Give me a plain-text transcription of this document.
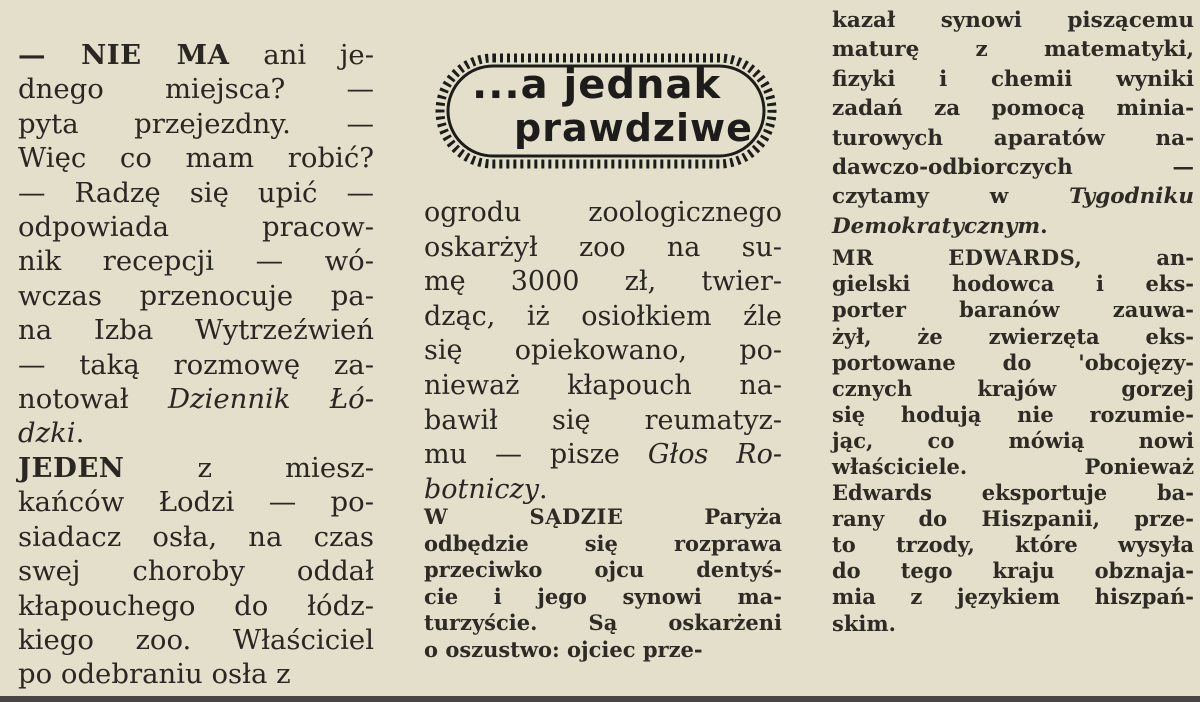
— NIE MA ani je-
dnego miejsca? —
pyta przejezdny. —
Więc co mam robić?
— Radzę się upić —
odpowiada pracow-
nik recepcji — wó-
wczas przenocuje pa-
na Izba Wytrzeźwień
— taką rozmowę za-
notował Dziennik Łó-
dzki.
JEDEN z miesz-
kańców Łodzi — po-
siadacz osła, na czas
swej choroby oddał
kłapouchego do łódz-
kiego zoo. Właściciel
po odebraniu osła z
...a jednak
prawdziwe
ogrodu zoologicznego
oskarżył zoo na su-
mę 3000 zł, twier-
dząc, iż osiołkiem źle
się opiekowano, po-
nieważ kłapouch na-
bawił się reumatyz-
mu — pisze Głos Ro-
botniczy.
W SĄDZIE Paryża
odbędzie się rozprawa
przeciwko ojcu dentyś-
cie i jego synowi ma-
turzyście. Są oskarżeni
o oszustwo: ojciec prze-
kazał synowi piszącemu
maturę z matematyki,
fizyki i chemii wyniki
zadań za pomocą minia-
turowych aparatów na-
dawczo-odbiorczych —
czytamy w Tygodniku
Demokratycznym.
MR EDWARDS, an-
gielski hodowca i eks-
porter baranów zauwa-
żył, że zwierzęta eks-
portowane do 'obcojęzy-
cznych krajów gorzej
się hodują nie rozumie-
jąc, co mówią nowi
właściciele. Ponieważ
Edwards eksportuje ba-
rany do Hiszpanii, prze-
to trzody, które wysyła
do tego kraju obznaja-
mia z językiem hiszpań-
skim.
